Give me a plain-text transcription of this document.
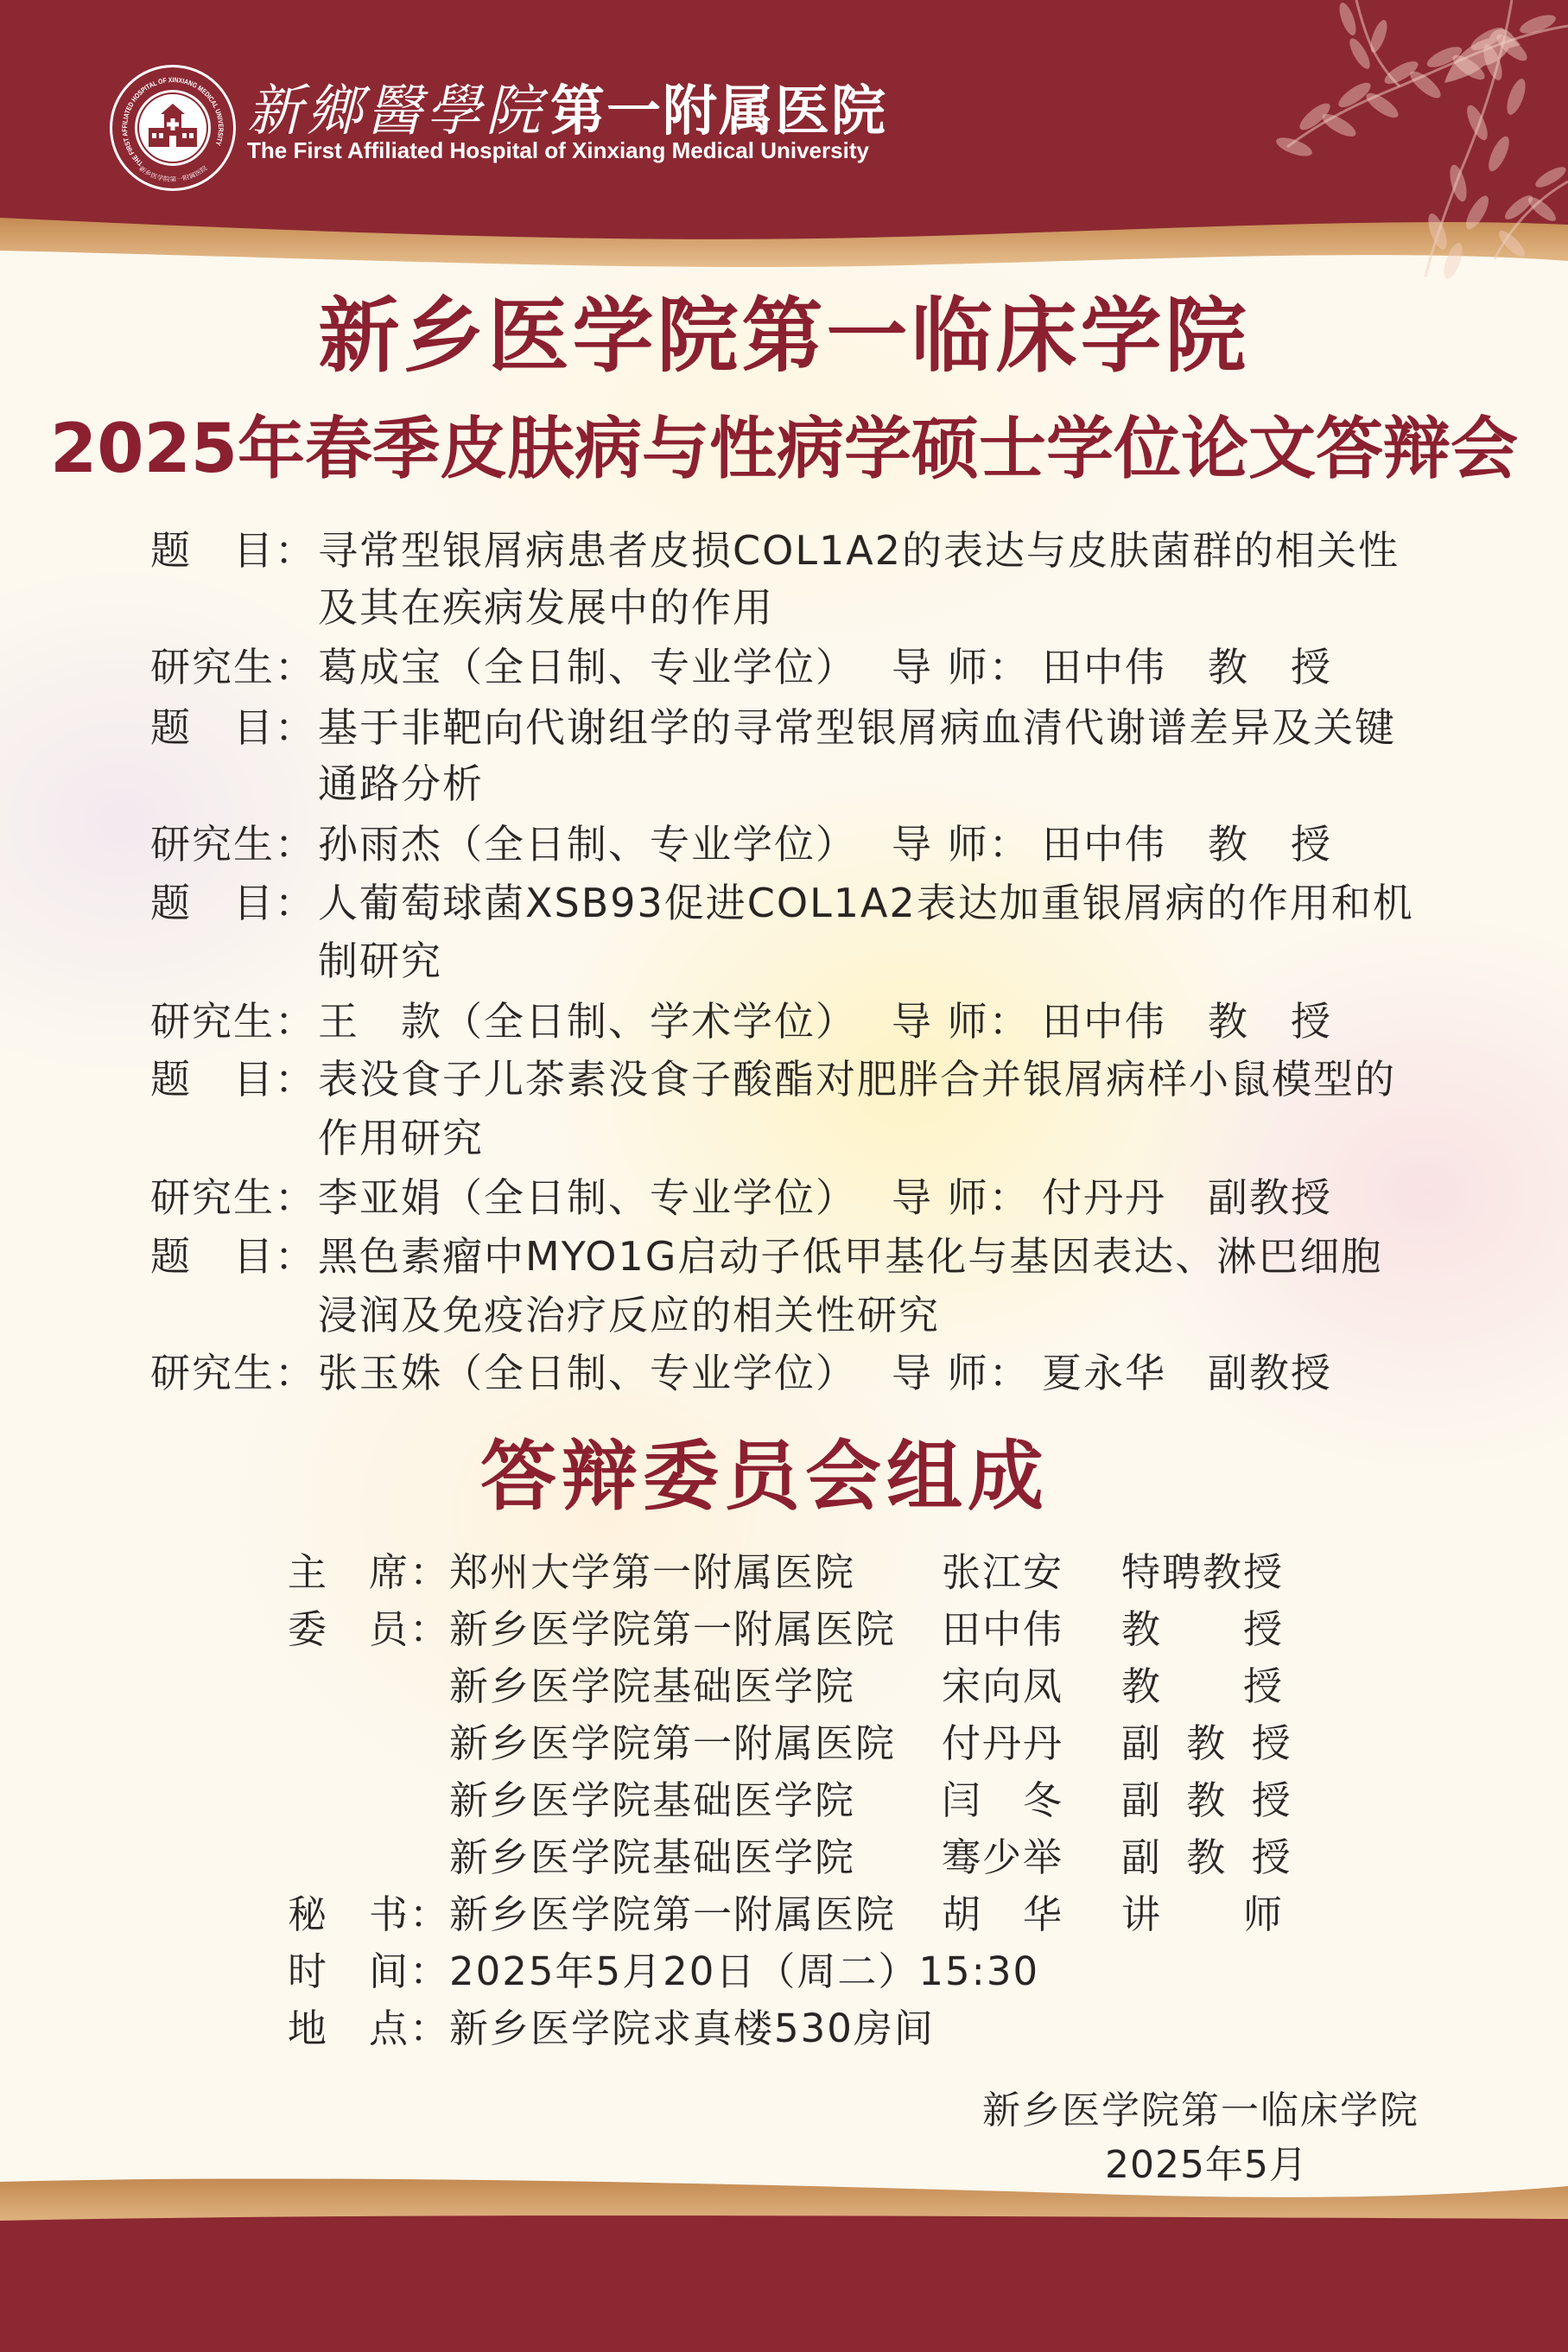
THE FIRST AFFILIATED HOSPITAL OF XINXIANG MEDICAL UNIVERSITY
新乡医学院第一附属医院
新鄉醫學院第一附属医院
The First Affiliated Hospital of Xinxiang Medical University
新乡医学院第一临床学院
2025年春季皮肤病与性病学硕士学位论文答辩会
题　目： 寻常型银屑病患者皮损COL1A2的表达与皮肤菌群的相关性
及其在疾病发展中的作用
研究生： 葛成宝（全日制、专业学位） 导 师： 田中伟　教　授
题　目： 基于非靶向代谢组学的寻常型银屑病血清代谢谱差异及关键
通路分析
研究生： 孙雨杰（全日制、专业学位） 导 师： 田中伟　教　授
题　目： 人葡萄球菌XSB93促进COL1A2表达加重银屑病的作用和机
制研究
研究生： 王　款（全日制、学术学位） 导 师： 田中伟　教　授
题　目： 表没食子儿茶素没食子酸酯对肥胖合并银屑病样小鼠模型的
作用研究
研究生： 李亚娟（全日制、专业学位） 导 师： 付丹丹　副教授
题　目： 黑色素瘤中MYO1G启动子低甲基化与基因表达、淋巴细胞
浸润及免疫治疗反应的相关性研究
研究生： 张玉姝（全日制、专业学位） 导 师： 夏永华　副教授
答辩委员会组成
主　席：
郑州大学第一附属医院 张江安 特聘教授
委　员：
新乡医学院第一附属医院 田中伟 教　　授
新乡医学院基础医学院 宋向凤 教　　授
新乡医学院第一附属医院 付丹丹 副 教 授
新乡医学院基础医学院 闫　冬 副 教 授
新乡医学院基础医学院 骞少举 副 教 授
秘　书：
新乡医学院第一附属医院 胡　华 讲　　师
时　间：
2025年5月20日（周二）15:30
地　点：
新乡医学院求真楼530房间
新乡医学院第一临床学院
2025年5月
